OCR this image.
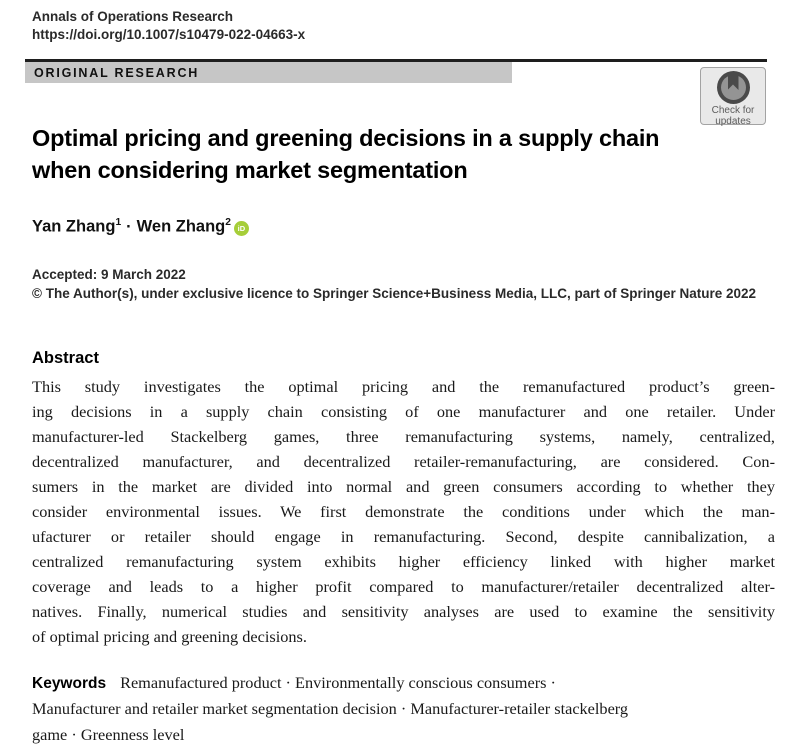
Annals of Operations Research
https://doi.org/10.1007/s10479-022-04663-x
ORIGINAL RESEARCH
Optimal pricing and greening decisions in a supply chain
when considering market segmentation
Yan Zhang$^1$ · Wen Zhang$^2$ iD
Accepted: 9 March 2022
© The Author(s), under exclusive licence to Springer Science+Business Media, LLC, part of Springer Nature 2022
Abstract
This study investigates the optimal pricing and the remanufactured product’s green-
ing decisions in a supply chain consisting of one manufacturer and one retailer. Under
manufacturer-led Stackelberg games, three remanufacturing systems, namely, centralized,
decentralized manufacturer, and decentralized retailer-remanufacturing, are considered. Con-
sumers in the market are divided into normal and green consumers according to whether they
consider environmental issues. We first demonstrate the conditions under which the man-
ufacturer or retailer should engage in remanufacturing. Second, despite cannibalization, a
centralized remanufacturing system exhibits higher efficiency linked with higher market
coverage and leads to a higher profit compared to manufacturer/retailer decentralized alter-
natives. Finally, numerical studies and sensitivity analyses are used to examine the sensitivity
of optimal pricing and greening decisions.
Keywords Remanufactured product · Environmentally conscious consumers ·
Manufacturer and retailer market segmentation decision · Manufacturer-retailer stackelberg
game · Greenness level
Check for
updates
